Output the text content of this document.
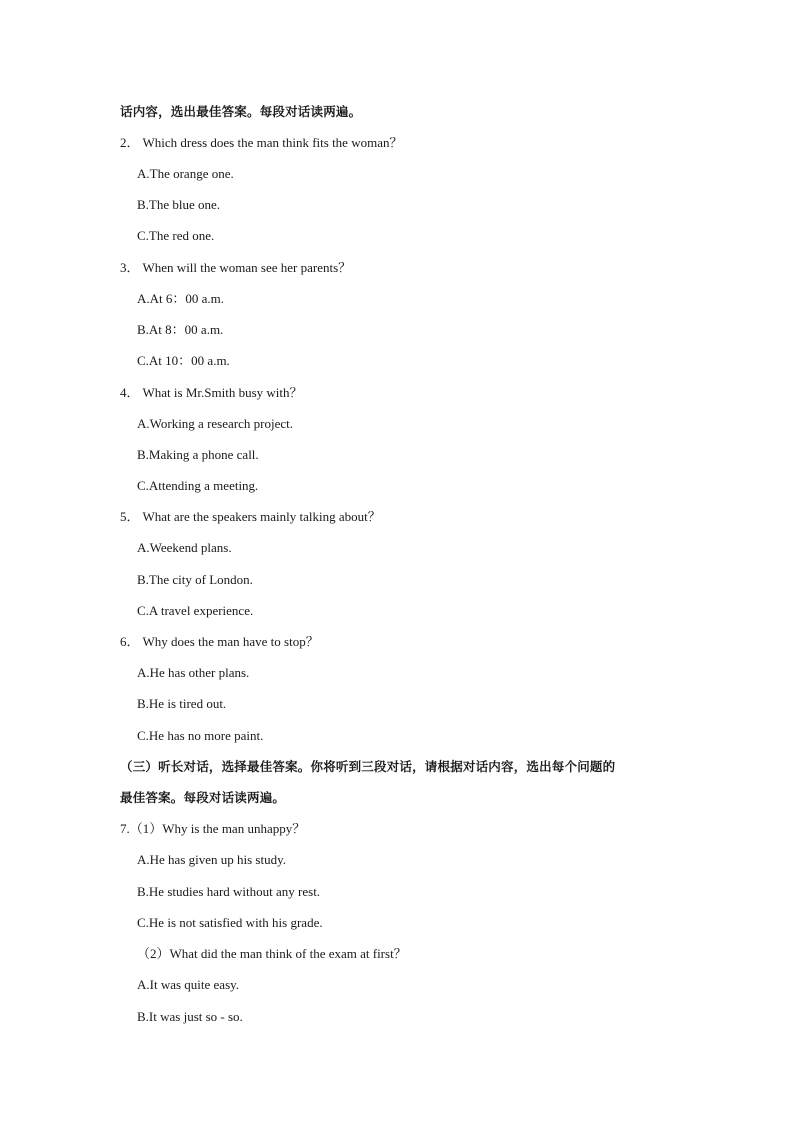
话内容，选出最佳答案。每段对话读两遍。
2． Which dress does the man think fits the woman？
A.The orange one.
B.The blue one.
C.The red one.
3． When will the woman see her parents？
A.At 6：00 a.m.
B.At 8：00 a.m.
C.At 10：00 a.m.
4． What is Mr.Smith busy with？
A.Working a research project.
B.Making a phone call.
C.Attending a meeting.
5． What are the speakers mainly talking about？
A.Weekend plans.
B.The city of London.
C.A travel experience.
6． Why does the man have to stop？
A.He has other plans.
B.He is tired out.
C.He has no more paint.
（三）听长对话，选择最佳答案。你将听到三段对话，请根据对话内容，选出每个问题的
最佳答案。每段对话读两遍。
7.（1）Why is the man unhappy？
A.He has given up his study.
B.He studies hard without any rest.
C.He is not satisfied with his grade.
（2）What did the man think of the exam at first？
A.It was quite easy.
B.It was just so - so.
